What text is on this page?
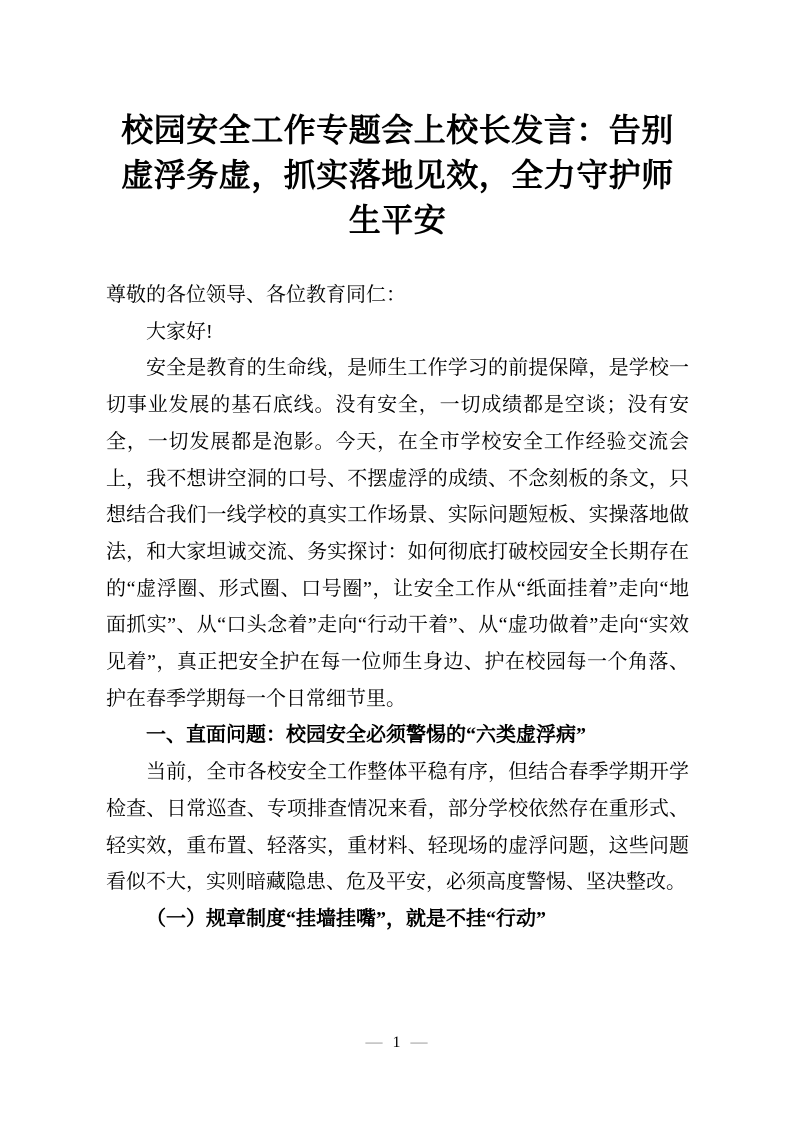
校园安全工作专题会上校长发言：告别虚浮务虚，抓实落地见效，全力守护师生平安

尊敬的各位领导、各位教育同仁：

大家好!

安全是教育的生命线，是师生工作学习的前提保障，是学校一切事业发展的基石底线。没有安全，一切成绩都是空谈；没有安全，一切发展都是泡影。今天，在全市学校安全工作经验交流会上，我不想讲空洞的口号、不摆虚浮的成绩、不念刻板的条文，只想结合我们一线学校的真实工作场景、实际问题短板、实操落地做法，和大家坦诚交流、务实探讨：如何彻底打破校园安全长期存在的“虚浮圈、形式圈、口号圈”，让安全工作从“纸面挂着”走向“地面抓实”、从“口头念着”走向“行动干着”、从“虚功做着”走向“实效见着”，真正把安全护在每一位师生身边、护在校园每一个角落、护在春季学期每一个日常细节里。

一、直面问题：校园安全必须警惕的“六类虚浮病”

当前，全市各校安全工作整体平稳有序，但结合春季学期开学检查、日常巡查、专项排查情况来看，部分学校依然存在重形式、轻实效，重布置、轻落实，重材料、轻现场的虚浮问题，这些问题看似不大，实则暗藏隐患、危及平安，必须高度警惕、坚决整改。

（一）规章制度“挂墙挂嘴”，就是不挂“行动”

— 1 —
